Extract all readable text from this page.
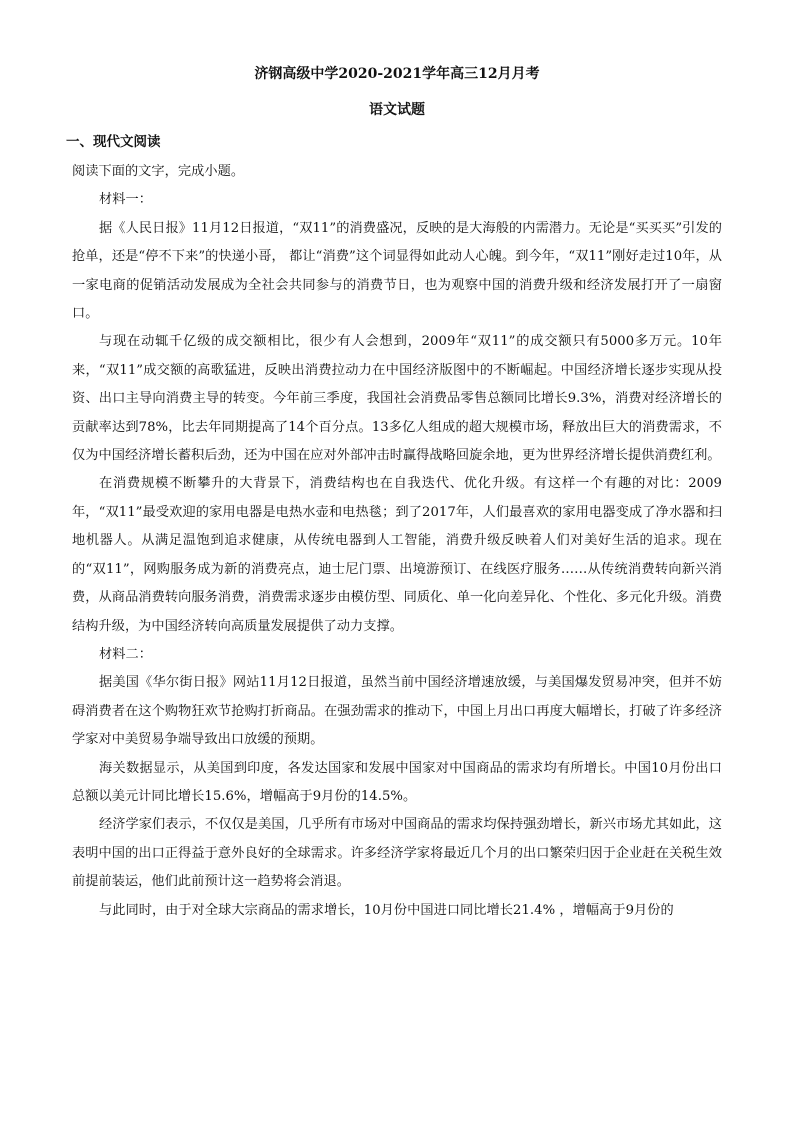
济钢高级中学2020-2021学年高三12月月考

语文试题

一、现代文阅读

阅读下面的文字，完成小题。

材料一：

据《人民日报》11月12日报道，“双11”的消费盛况，反映的是大海般的内需潜力。无论是“买买买”引发的抢单，还是“停不下来”的快递小哥， 都让“消费”这个词显得如此动人心魄。到今年，“双11”刚好走过10年，从一家电商的促销活动发展成为全社会共同参与的消费节日，也为观察中国的消费升级和经济发展打开了一扇窗口。

与现在动辄千亿级的成交额相比，很少有人会想到，2009年“双11”的成交额只有5000多万元。10年来，“双11”成交额的高歌猛进，反映出消费拉动力在中国经济版图中的不断崛起。中国经济增长逐步实现从投资、出口主导向消费主导的转变。今年前三季度，我国社会消费品零售总额同比增长9.3%，消费对经济增长的贡献率达到78%，比去年同期提高了14个百分点。13多亿人组成的超大规模市场，释放出巨大的消费需求，不仅为中国经济增长蓄积后劲，还为中国在应对外部冲击时赢得战略回旋余地，更为世界经济增长提供消费红利。

在消费规模不断攀升的大背景下，消费结构也在自我迭代、优化升级。有这样一个有趣的对比：2009年，“双11”最受欢迎的家用电器是电热水壶和电热毯；到了2017年，人们最喜欢的家用电器变成了净水器和扫地机器人。从满足温饱到追求健康，从传统电器到人工智能，消费升级反映着人们对美好生活的追求。现在的“双11”，网购服务成为新的消费亮点，迪士尼门票、出境游预订、在线医疗服务……从传统消费转向新兴消费，从商品消费转向服务消费，消费需求逐步由模仿型、同质化、单一化向差异化、个性化、多元化升级。消费结构升级，为中国经济转向高质量发展提供了动力支撑。

材料二：

据美国《华尔街日报》网站11月12日报道，虽然当前中国经济增速放缓，与美国爆发贸易冲突，但并不妨碍消费者在这个购物狂欢节抢购打折商品。在强劲需求的推动下，中国上月出口再度大幅增长，打破了许多经济学家对中美贸易争端导致出口放缓的预期。

海关数据显示，从美国到印度，各发达国家和发展中国家对中国商品的需求均有所增长。中国10月份出口总额以美元计同比增长15.6%，增幅高于9月份的14.5%。

经济学家们表示，不仅仅是美国，几乎所有市场对中国商品的需求均保持强劲增长，新兴市场尤其如此，这表明中国的出口正得益于意外良好的全球需求。许多经济学家将最近几个月的出口繁荣归因于企业赶在关税生效前提前装运，他们此前预计这一趋势将会消退。

与此同时，由于对全球大宗商品的需求增长，10月份中国进口同比增长21.4% ，增幅高于9月份的
